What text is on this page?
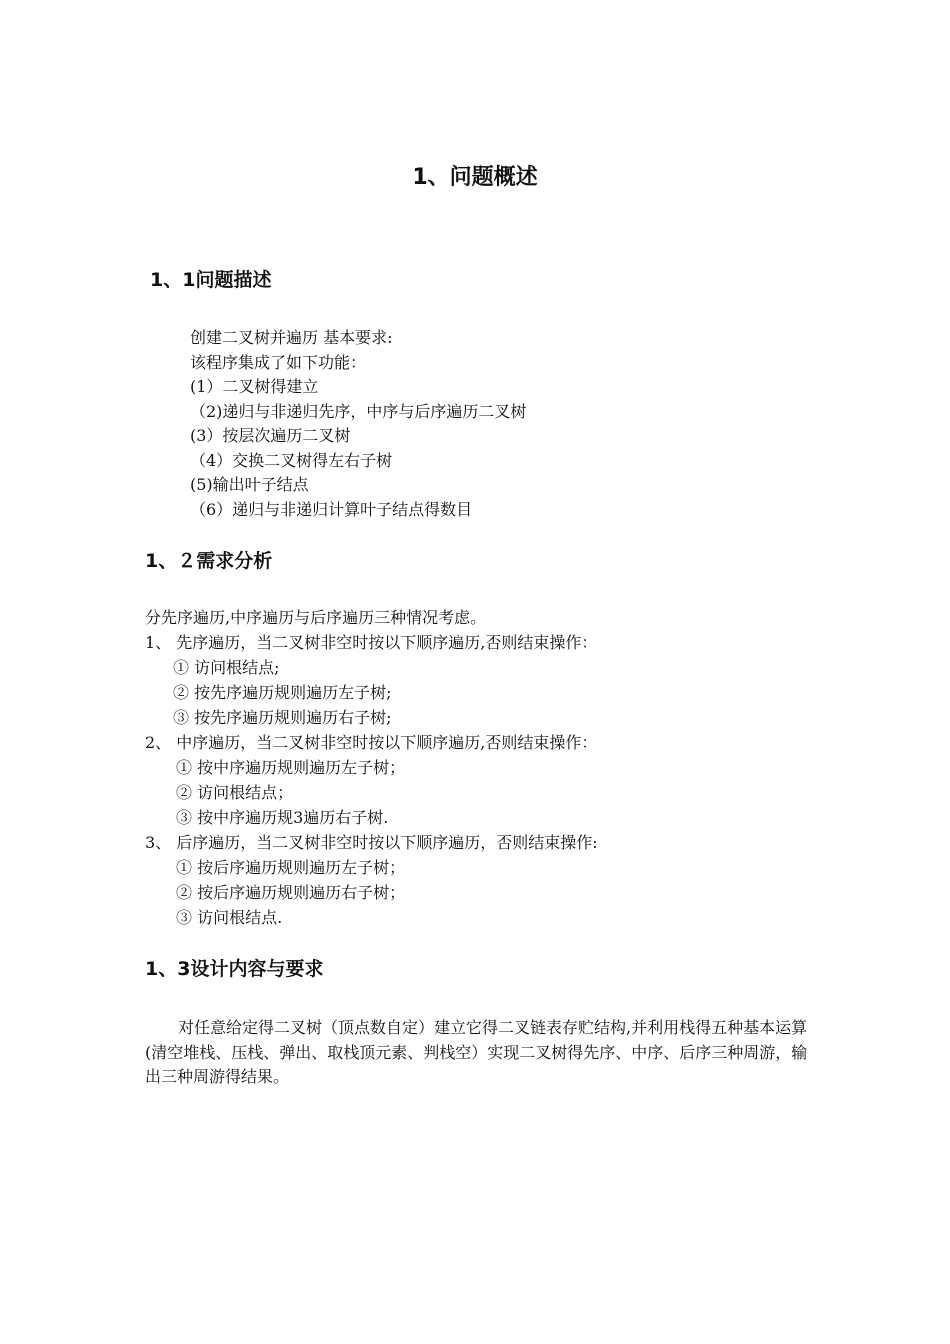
1、问题概述
1、1问题描述
创建二叉树并遍历 基本要求:
该程序集成了如下功能：
(1）二叉树得建立
（2)递归与非递归先序，中序与后序遍历二叉树
(3）按层次遍历二叉树
（4）交换二叉树得左右子树
(5)输出叶子结点
（6）递归与非递归计算叶子结点得数目
1、２需求分析
分先序遍历,中序遍历与后序遍历三种情况考虑。
1、 先序遍历，当二叉树非空时按以下顺序遍历,否则结束操作：
① 访问根结点;
② 按先序遍历规则遍历左子树;
③ 按先序遍历规则遍历右子树;
2、 中序遍历，当二叉树非空时按以下顺序遍历,否则结束操作：
① 按中序遍历规则遍历左子树；
② 访问根结点；
③ 按中序遍历规3遍历右子树.
3、 后序遍历，当二叉树非空时按以下顺序遍历，否则结束操作:
① 按后序遍历规则遍历左子树；
② 按后序遍历规则遍历右子树；
③ 访问根结点.
1、3设计内容与要求
对任意给定得二叉树（顶点数自定）建立它得二叉链表存贮结构,并利用栈得五种基本运算(清空堆栈、压栈、弹出、取栈顶元素、判栈空）实现二叉树得先序、中序、后序三种周游，输出三种周游得结果。
